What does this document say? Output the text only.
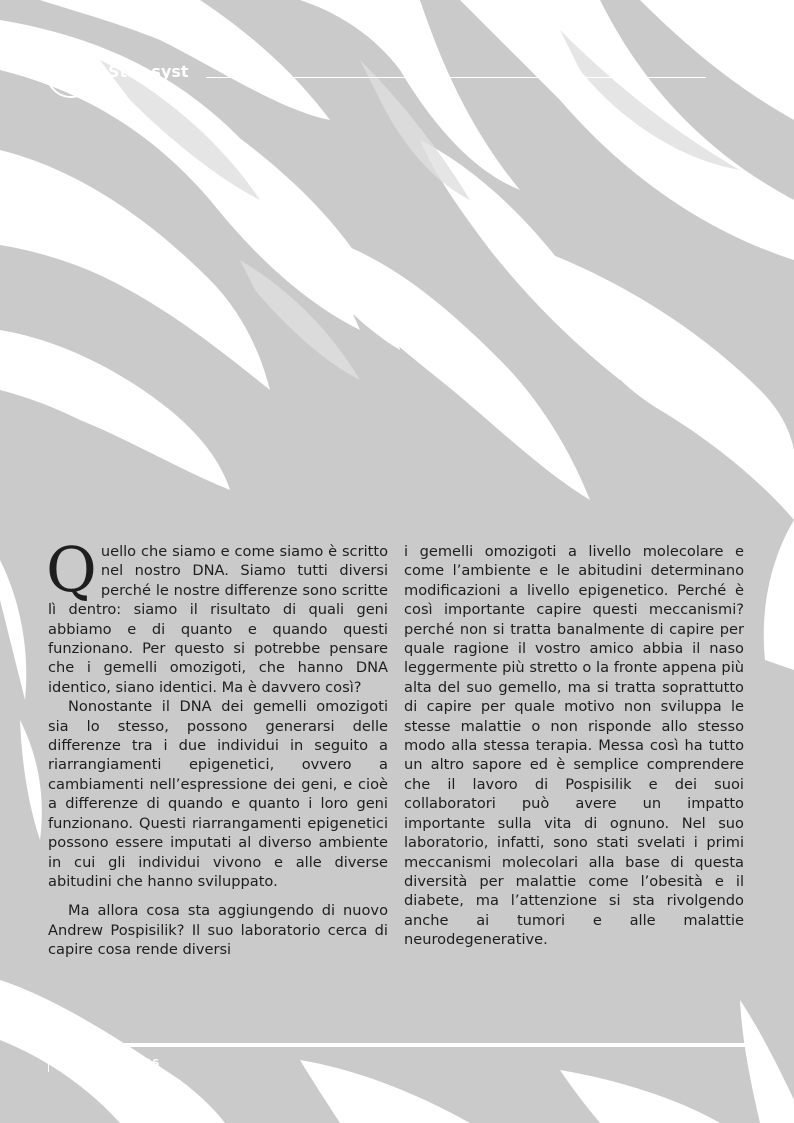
✱	Star syst

Quello che siamo e come siamo è scritto nel nostro DNA. Siamo tutti diversi perché le nostre differenze sono scritte lì dentro: siamo il risultato di quali geni abbiamo e di quanto e quando questi funzionano. Per questo si potrebbe pensare che i gemelli omozigoti, che hanno DNA identico, siano identici. Ma è davvero così?

Nonostante il DNA dei gemelli omozigoti sia lo stesso, possono generarsi delle differenze tra i due individui in seguito a riarrangiamenti epigenetici, ovvero a cambiamenti nell’espressione dei geni, e cioè a differenze di quando e quanto i loro geni funzionano. Questi riarrangamenti epigenetici possono essere imputati al diverso ambiente in cui gli individui vivono e alle diverse abitudini che hanno sviluppato.

Ma allora cosa sta aggiungendo di nuovo Andrew Pospisilik? Il suo laboratorio cerca di capire cosa rende diversi

i gemelli omozigoti a livello molecolare e come l’ambiente e le abitudini determinano modificazioni a livello epigenetico. Perché è così importante capire questi meccanismi? perché non si tratta banalmente di capire per quale ragione il vostro amico abbia il naso leggermente più stretto o la fronte appena più alta del suo gemello, ma si tratta soprattutto di capire per quale motivo non sviluppa le stesse malattie o non risponde allo stesso modo alla stessa terapia. Messa così ha tutto un altro sapore ed è semplice comprendere che il lavoro di Pospisilik e dei suoi collaboratori può avere un impatto importante sulla vita di ognuno. Nel suo laboratorio, infatti, sono stati svelati i primi meccanismi molecolari alla base di questa diversità per malattie come l’obesità e il diabete, ma l’attenzione si sta rivolgendo anche ai tumori e alle malattie neurodegenerative.

10	STAR #6
